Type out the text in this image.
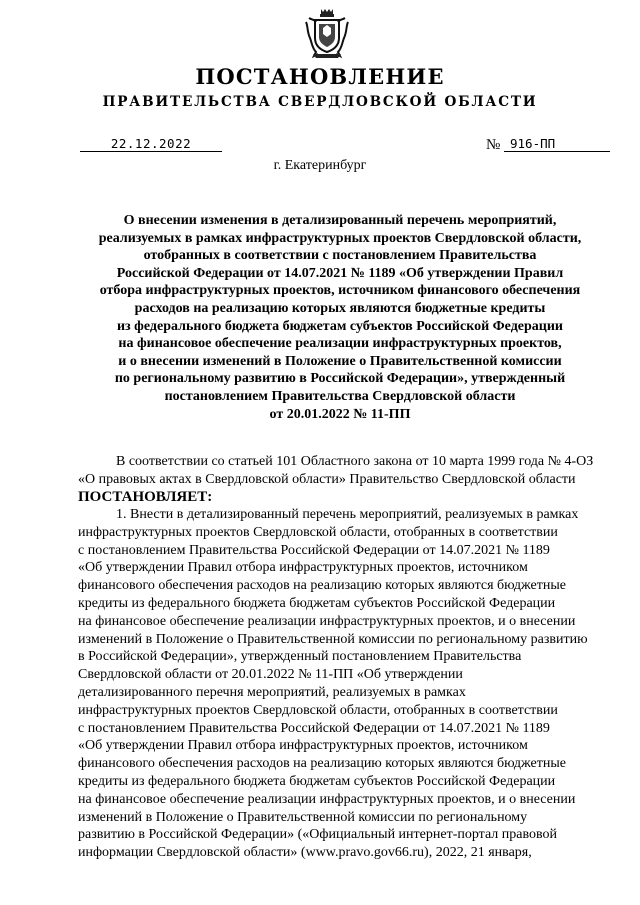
ПОСТАНОВЛЕНИЕ
ПРАВИТЕЛЬСТВА СВЕРДЛОВСКОЙ ОБЛАСТИ
22.12.2022	№ 916-ПП
г. Екатеринбург
О внесении изменения в детализированный перечень мероприятий,
реализуемых в рамках инфраструктурных проектов Свердловской области,
отобранных в соответствии с постановлением Правительства
Российской Федерации от 14.07.2021 № 1189 «Об утверждении Правил
отбора инфраструктурных проектов, источником финансового обеспечения
расходов на реализацию которых являются бюджетные кредиты
из федерального бюджета бюджетам субъектов Российской Федерации
на финансовое обеспечение реализации инфраструктурных проектов,
и о внесении изменений в Положение о Правительственной комиссии
по региональному развитию в Российской Федерации», утвержденный
постановлением Правительства Свердловской области
от 20.01.2022 № 11-ПП
В соответствии со статьей 101 Областного закона от 10 марта 1999 года № 4-ОЗ
«О правовых актах в Свердловской области» Правительство Свердловской области
ПОСТАНОВЛЯЕТ:
1. Внести в детализированный перечень мероприятий, реализуемых в рамках
инфраструктурных проектов Свердловской области, отобранных в соответствии
с постановлением Правительства Российской Федерации от 14.07.2021 № 1189
«Об утверждении Правил отбора инфраструктурных проектов, источником
финансового обеспечения расходов на реализацию которых являются бюджетные
кредиты из федерального бюджета бюджетам субъектов Российской Федерации
на финансовое обеспечение реализации инфраструктурных проектов, и о внесении
изменений в Положение о Правительственной комиссии по региональному развитию
в Российской Федерации», утвержденный постановлением Правительства
Свердловской области от 20.01.2022 № 11-ПП «Об утверждении
детализированного перечня мероприятий, реализуемых в рамках
инфраструктурных проектов Свердловской области, отобранных в соответствии
с постановлением Правительства Российской Федерации от 14.07.2021 № 1189
«Об утверждении Правил отбора инфраструктурных проектов, источником
финансового обеспечения расходов на реализацию которых являются бюджетные
кредиты из федерального бюджета бюджетам субъектов Российской Федерации
на финансовое обеспечение реализации инфраструктурных проектов, и о внесении
изменений в Положение о Правительственной комиссии по региональному
развитию в Российской Федерации» («Официальный интернет-портал правовой
информации Свердловской области» (www.pravo.gov66.ru), 2022, 21 января,
